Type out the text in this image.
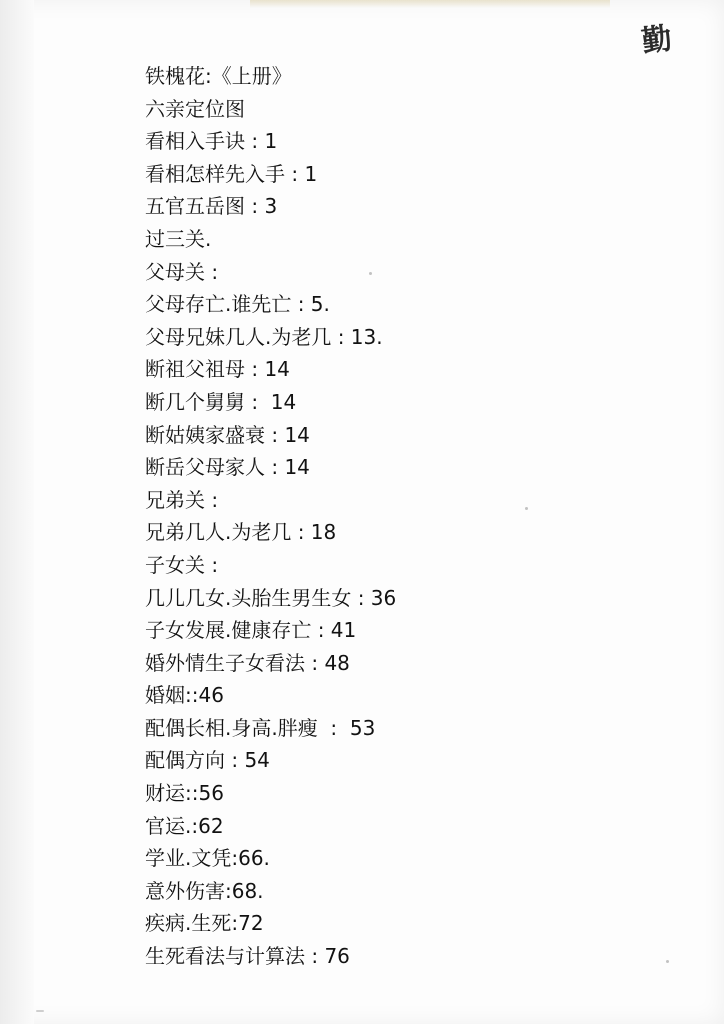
勤
铁槐花:《上册》
六亲定位图
看相入手诀 : 1
看相怎样先入手 : 1
五官五岳图 : 3
过三关.
父母关 :
父母存亡.谁先亡 : 5.
父母兄妹几人.为老几 : 13.
断祖父祖母 : 14
断几个舅舅 :  14
断姑姨家盛衰 : 14
断岳父母家人 : 14
兄弟关 :
兄弟几人.为老几 : 18
子女关 :
几儿几女.头胎生男生女 : 36
子女发展.健康存亡 : 41
婚外情生子女看法 : 48
婚姻::46
配偶长相.身高.胖瘦  :  53
配偶方向 : 54
财运::56
官运.:62
学业.文凭:66.
意外伤害:68.
疾病.生死:72
生死看法与计算法 : 76
